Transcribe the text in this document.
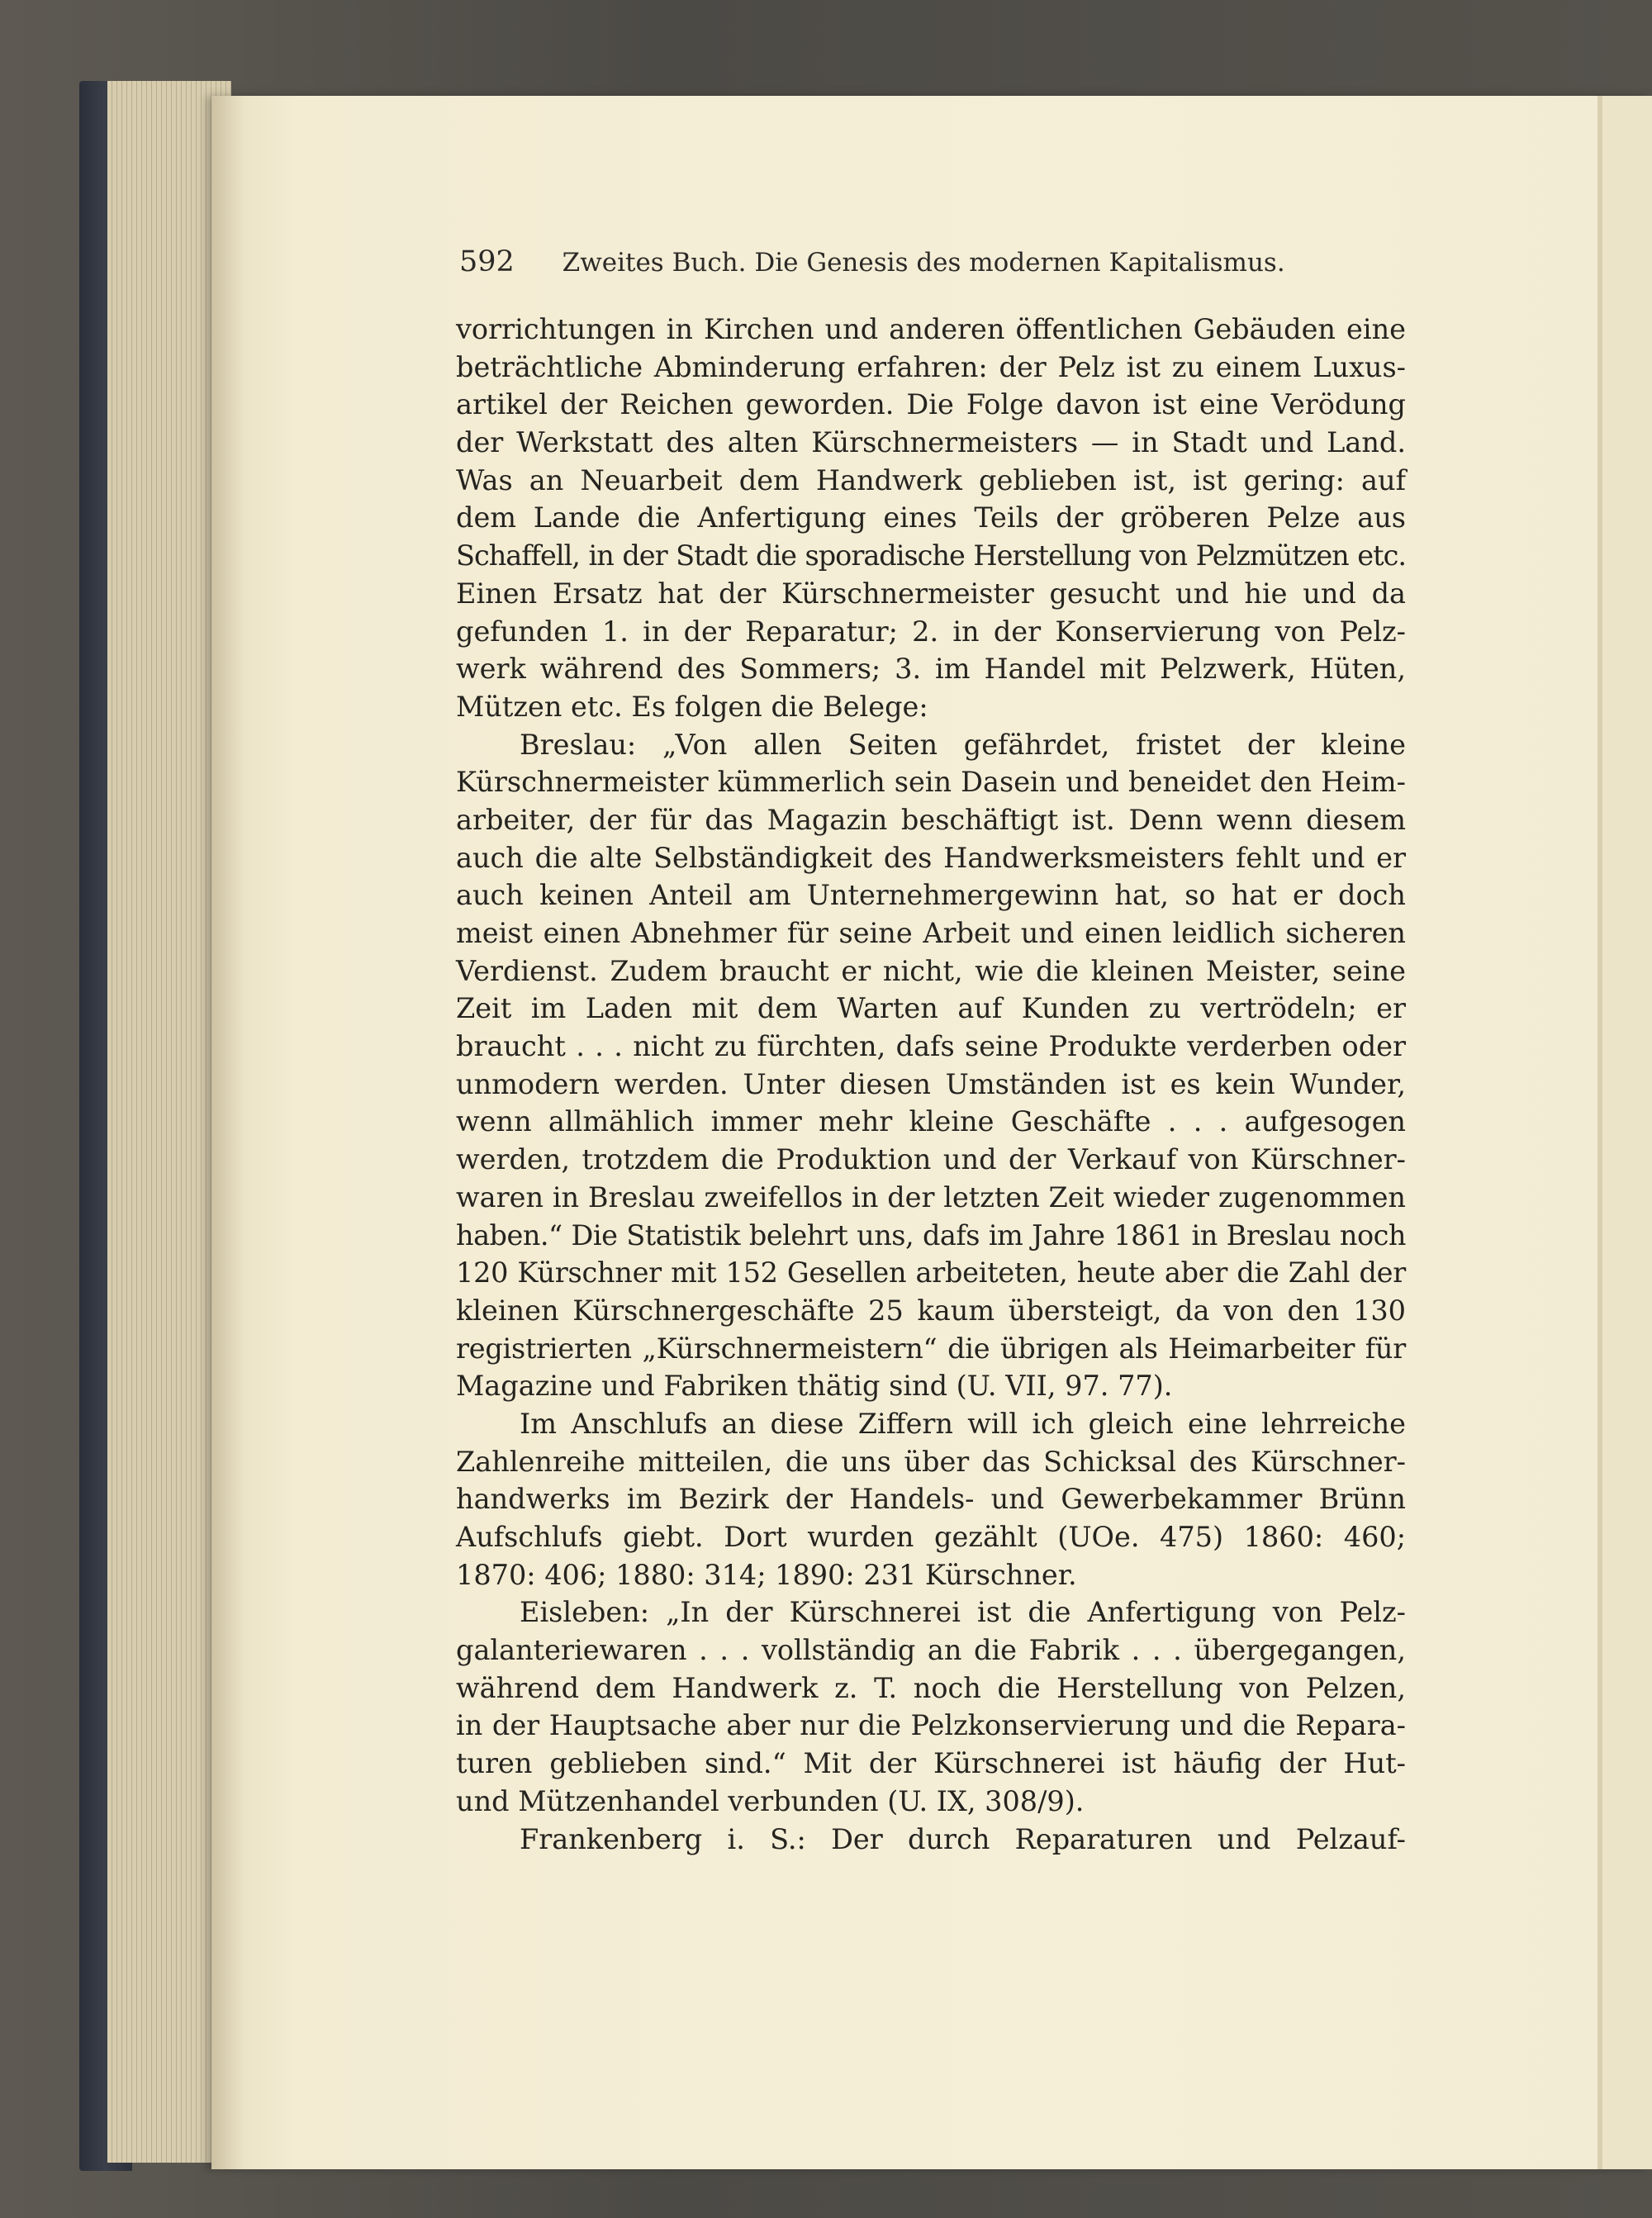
592 Zweites Buch. Die Genesis des modernen Kapitalismus.
vorrichtungen in Kirchen und anderen öffentlichen Gebäuden eine
beträchtliche Abminderung erfahren: der Pelz ist zu einem Luxus-
artikel der Reichen geworden. Die Folge davon ist eine Verödung
der Werkstatt des alten Kürschnermeisters — in Stadt und Land.
Was an Neuarbeit dem Handwerk geblieben ist, ist gering: auf
dem Lande die Anfertigung eines Teils der gröberen Pelze aus
Schaffell, in der Stadt die sporadische Herstellung von Pelzmützen etc.
Einen Ersatz hat der Kürschnermeister gesucht und hie und da
gefunden 1. in der Reparatur; 2. in der Konservierung von Pelz-
werk während des Sommers; 3. im Handel mit Pelzwerk, Hüten,
Mützen etc. Es folgen die Belege:
Breslau: „Von allen Seiten gefährdet, fristet der kleine
Kürschnermeister kümmerlich sein Dasein und beneidet den Heim-
arbeiter, der für das Magazin beschäftigt ist. Denn wenn diesem
auch die alte Selbständigkeit des Handwerksmeisters fehlt und er
auch keinen Anteil am Unternehmergewinn hat, so hat er doch
meist einen Abnehmer für seine Arbeit und einen leidlich sicheren
Verdienst. Zudem braucht er nicht, wie die kleinen Meister, seine
Zeit im Laden mit dem Warten auf Kunden zu vertrödeln; er
braucht . . . nicht zu fürchten, dafs seine Produkte verderben oder
unmodern werden. Unter diesen Umständen ist es kein Wunder,
wenn allmählich immer mehr kleine Geschäfte . . . aufgesogen
werden, trotzdem die Produktion und der Verkauf von Kürschner-
waren in Breslau zweifellos in der letzten Zeit wieder zugenommen
haben.“ Die Statistik belehrt uns, dafs im Jahre 1861 in Breslau noch
120 Kürschner mit 152 Gesellen arbeiteten, heute aber die Zahl der
kleinen Kürschnergeschäfte 25 kaum übersteigt, da von den 130
registrierten „Kürschnermeistern“ die übrigen als Heimarbeiter für
Magazine und Fabriken thätig sind (U. VII, 97. 77).
Im Anschlufs an diese Ziffern will ich gleich eine lehrreiche
Zahlenreihe mitteilen, die uns über das Schicksal des Kürschner-
handwerks im Bezirk der Handels- und Gewerbekammer Brünn
Aufschlufs giebt. Dort wurden gezählt (UOe. 475) 1860: 460;
1870: 406; 1880: 314; 1890: 231 Kürschner.
Eisleben: „In der Kürschnerei ist die Anfertigung von Pelz-
galanteriewaren . . . vollständig an die Fabrik . . . übergegangen,
während dem Handwerk z. T. noch die Herstellung von Pelzen,
in der Hauptsache aber nur die Pelzkonservierung und die Repara-
turen geblieben sind.“ Mit der Kürschnerei ist häufig der Hut-
und Mützenhandel verbunden (U. IX, 308/9).
Frankenberg i. S.: Der durch Reparaturen und Pelzauf-
